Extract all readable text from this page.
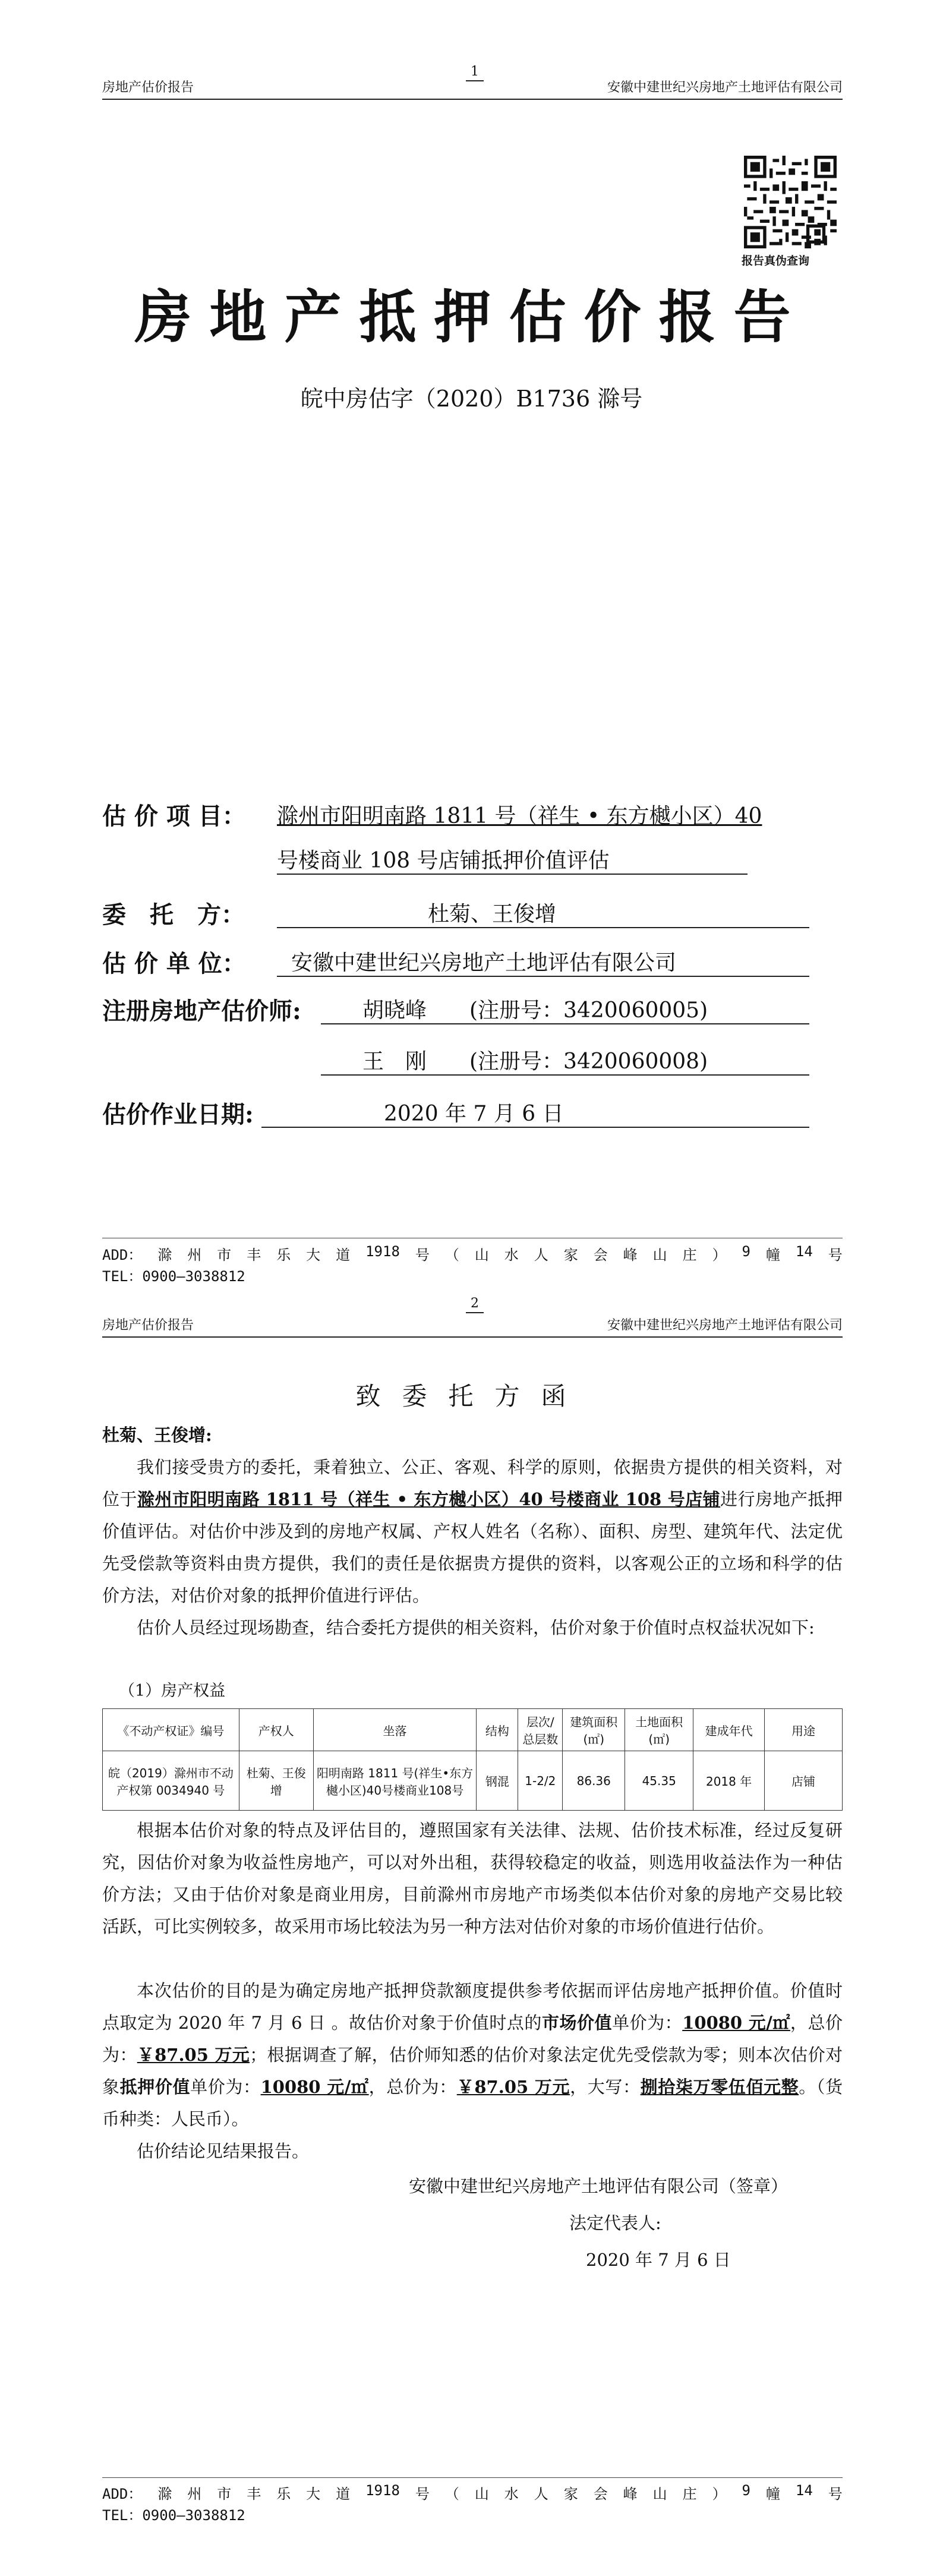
1
房地产估价报告	安徽中建世纪兴房地产土地评估有限公司
报告真伪查询
房地产抵押估价报告
皖中房估字（2020）B1736 滁号
估 价 项 目： 滁州市阳明南路 1811 号（祥生 • 东方樾小区）40
号楼商业 108 号店铺抵押价值评估
委　托　方：	杜菊、王俊增
估 价 单 位： 安徽中建世纪兴房地产土地评估有限公司
注册房地产估价师:	胡晓峰　　(注册号：3420060005)
王　刚　　(注册号：3420060008)
估价作业日期:	2020 年 7 月 6 日
ADD： 滁 州 市 丰 乐 大 道 1918 号 （ 山 水 人 家 会 峰 山 庄 ） 9 幢 14 号
TEL：0900—3038812
2
房地产估价报告	安徽中建世纪兴房地产土地评估有限公司
致委托方函
杜菊、王俊增:
我们接受贵方的委托，秉着独立、公正、客观、科学的原则，依据贵方提供的相关资料，对位于滁州市阳明南路 1811 号（祥生 • 东方樾小区）40 号楼商业 108 号店铺进行房地产抵押价值评估。对估价中涉及到的房地产权属、产权人姓名（名称）、面积、房型、建筑年代、法定优先受偿款等资料由贵方提供，我们的责任是依据贵方提供的资料，以客观公正的立场和科学的估价方法，对估价对象的抵押价值进行评估。
估价人员经过现场勘查，结合委托方提供的相关资料，估价对象于价值时点权益状况如下:
（1）房产权益
《不动产权证》编号	产权人	坐落	结构	层次/总层数	建筑面积(㎡)	土地面积(㎡)	建成年代	用途
皖（2019）滁州市不动产权第 0034940 号	杜菊、王俊增	阳明南路 1811 号(祥生•东方樾小区)40号楼商业108号	钢混	1-2/2	86.36	45.35	2018 年	店铺
根据本估价对象的特点及评估目的，遵照国家有关法律、法规、估价技术标准，经过反复研究，因估价对象为收益性房地产，可以对外出租，获得较稳定的收益，则选用收益法作为一种估价方法；又由于估价对象是商业用房，目前滁州市房地产市场类似本估价对象的房地产交易比较活跃，可比实例较多，故采用市场比较法为另一种方法对估价对象的市场价值进行估价。
本次估价的目的是为确定房地产抵押贷款额度提供参考依据而评估房地产抵押价值。价值时点取定为 2020 年 7 月 6 日 。故估价对象于价值时点的市场价值单价为：10080 元/㎡，总价为：￥87.05 万元；根据调查了解，估价师知悉的估价对象法定优先受偿款为零；则本次估价对象抵押价值单价为：10080 元/㎡，总价为：￥87.05 万元，大写：捌拾柒万零伍佰元整。（货币种类：人民币）。
估价结论见结果报告。
安徽中建世纪兴房地产土地评估有限公司（签章）
法定代表人:
2020 年 7 月 6 日
ADD： 滁 州 市 丰 乐 大 道 1918 号 （ 山 水 人 家 会 峰 山 庄 ） 9 幢 14 号
TEL：0900—3038812
